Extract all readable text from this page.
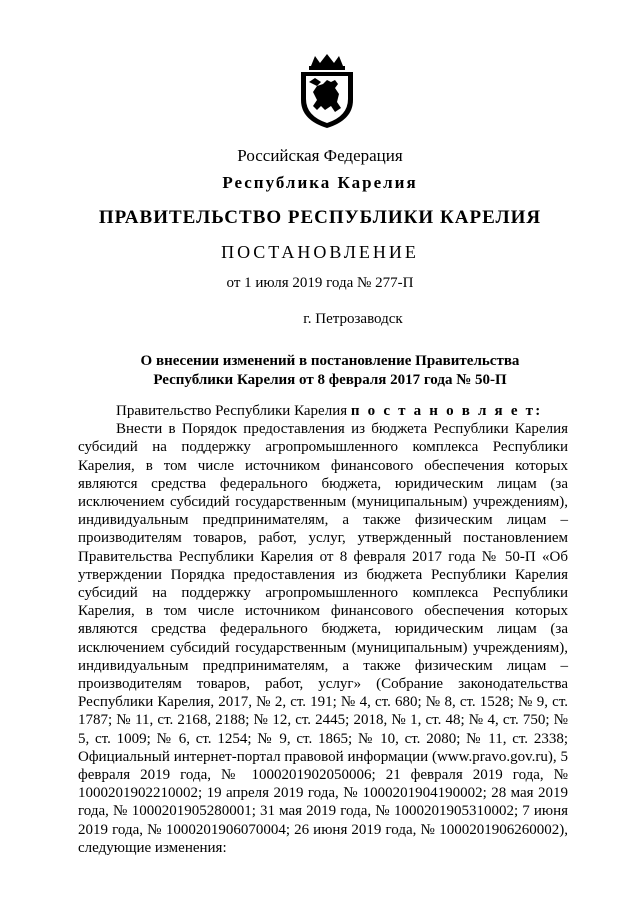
Российская Федерация
Республика Карелия
ПРАВИТЕЛЬСТВО РЕСПУБЛИКИ КАРЕЛИЯ
ПОСТАНОВЛЕНИЕ
от 1 июля 2019 года № 277-П
г. Петрозаводск
О внесении изменений в постановление Правительства
Республики Карелия от 8 февраля 2017 года № 50-П

Правительство Республики Карелия п о с т а н о в л я е т:

Внести в Порядок предоставления из бюджета Республики Карелия субсидий на поддержку агропромышленного комплекса Республики Карелия, в том числе источником финансового обеспечения которых являются средства федерального бюджета, юридическим лицам (за исключением субсидий государственным (муниципальным) учреждениям), индивидуальным предпринимателям, а также физическим лицам – производителям товаров, работ, услуг, утвержденный постановлением Правительства Республики Карелия от 8 февраля 2017 года № 50-П «Об утверждении Порядка предоставления из бюджета Республики Карелия субсидий на поддержку агропромышленного комплекса Республики Карелия, в том числе источником финансового обеспечения которых являются средства федерального бюджета, юридическим лицам (за исключением субсидий государственным (муниципальным) учреждениям), индивидуальным предпринимателям, а также физическим лицам – производителям товаров, работ, услуг» (Собрание законодательства Республики Карелия, 2017, № 2, ст. 191; № 4, ст. 680; № 8, ст. 1528; № 9, ст. 1787; № 11, ст. 2168, 2188; № 12, ст. 2445; 2018, № 1, ст. 48; № 4, ст. 750; № 5, ст. 1009; № 6, ст. 1254; № 9, ст. 1865; № 10, ст. 2080; № 11, ст. 2338; Официальный интернет-портал правовой информации (www.pravo.gov.ru), 5 февраля 2019 года, № 1000201902050006; 21 февраля 2019 года, № 1000201902210002; 19 апреля 2019 года, № 1000201904190002; 28 мая 2019 года, № 1000201905280001; 31 мая 2019 года, № 1000201905310002; 7 июня 2019 года, № 1000201906070004; 26 июня 2019 года, № 1000201906260002), следующие изменения:
